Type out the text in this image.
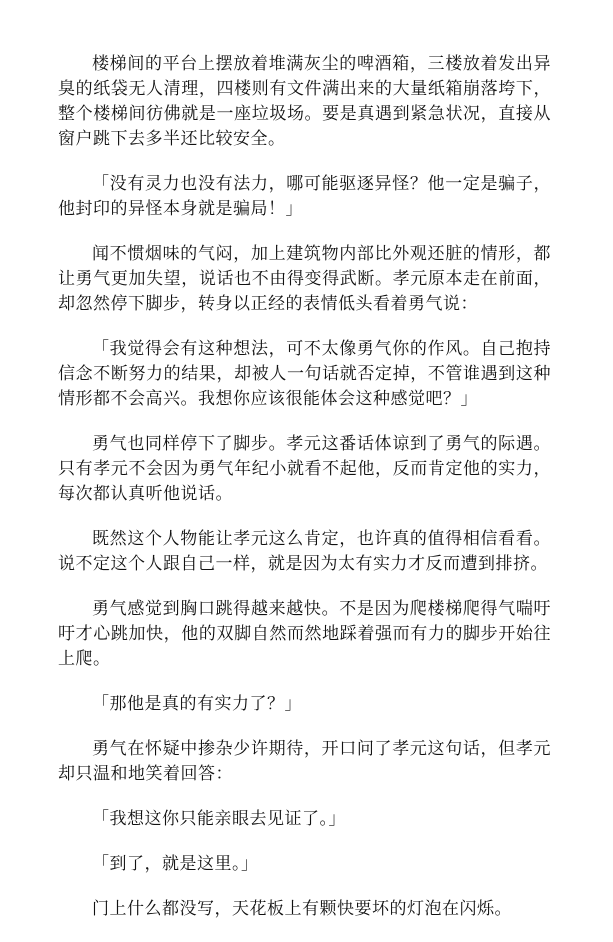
楼梯间的平台上摆放着堆满灰尘的啤酒箱，三楼放着发出异臭的纸袋无人清理，四楼则有文件满出来的大量纸箱崩落垮下，整个楼梯间彷佛就是一座垃圾场。要是真遇到紧急状况，直接从窗户跳下去多半还比较安全。

「没有灵力也没有法力，哪可能驱逐异怪？他一定是骗子，他封印的异怪本身就是骗局！」

闻不惯烟味的气闷，加上建筑物内部比外观还脏的情形，都让勇气更加失望，说话也不由得变得武断。孝元原本走在前面，却忽然停下脚步，转身以正经的表情低头看着勇气说：

「我觉得会有这种想法，可不太像勇气你的作风。自己抱持信念不断努力的结果，却被人一句话就否定掉，不管谁遇到这种情形都不会高兴。我想你应该很能体会这种感觉吧？」

勇气也同样停下了脚步。孝元这番话体谅到了勇气的际遇。只有孝元不会因为勇气年纪小就看不起他，反而肯定他的实力，每次都认真听他说话。

既然这个人物能让孝元这么肯定，也许真的值得相信看看。说不定这个人跟自己一样，就是因为太有实力才反而遭到排挤。

勇气感觉到胸口跳得越来越快。不是因为爬楼梯爬得气喘吁吁才心跳加快，他的双脚自然而然地踩着强而有力的脚步开始往上爬。

「那他是真的有实力了？」

勇气在怀疑中掺杂少许期待，开口问了孝元这句话，但孝元却只温和地笑着回答：

「我想这你只能亲眼去见证了。」

「到了，就是这里。」

门上什么都没写，天花板上有颗快要坏的灯泡在闪烁。
